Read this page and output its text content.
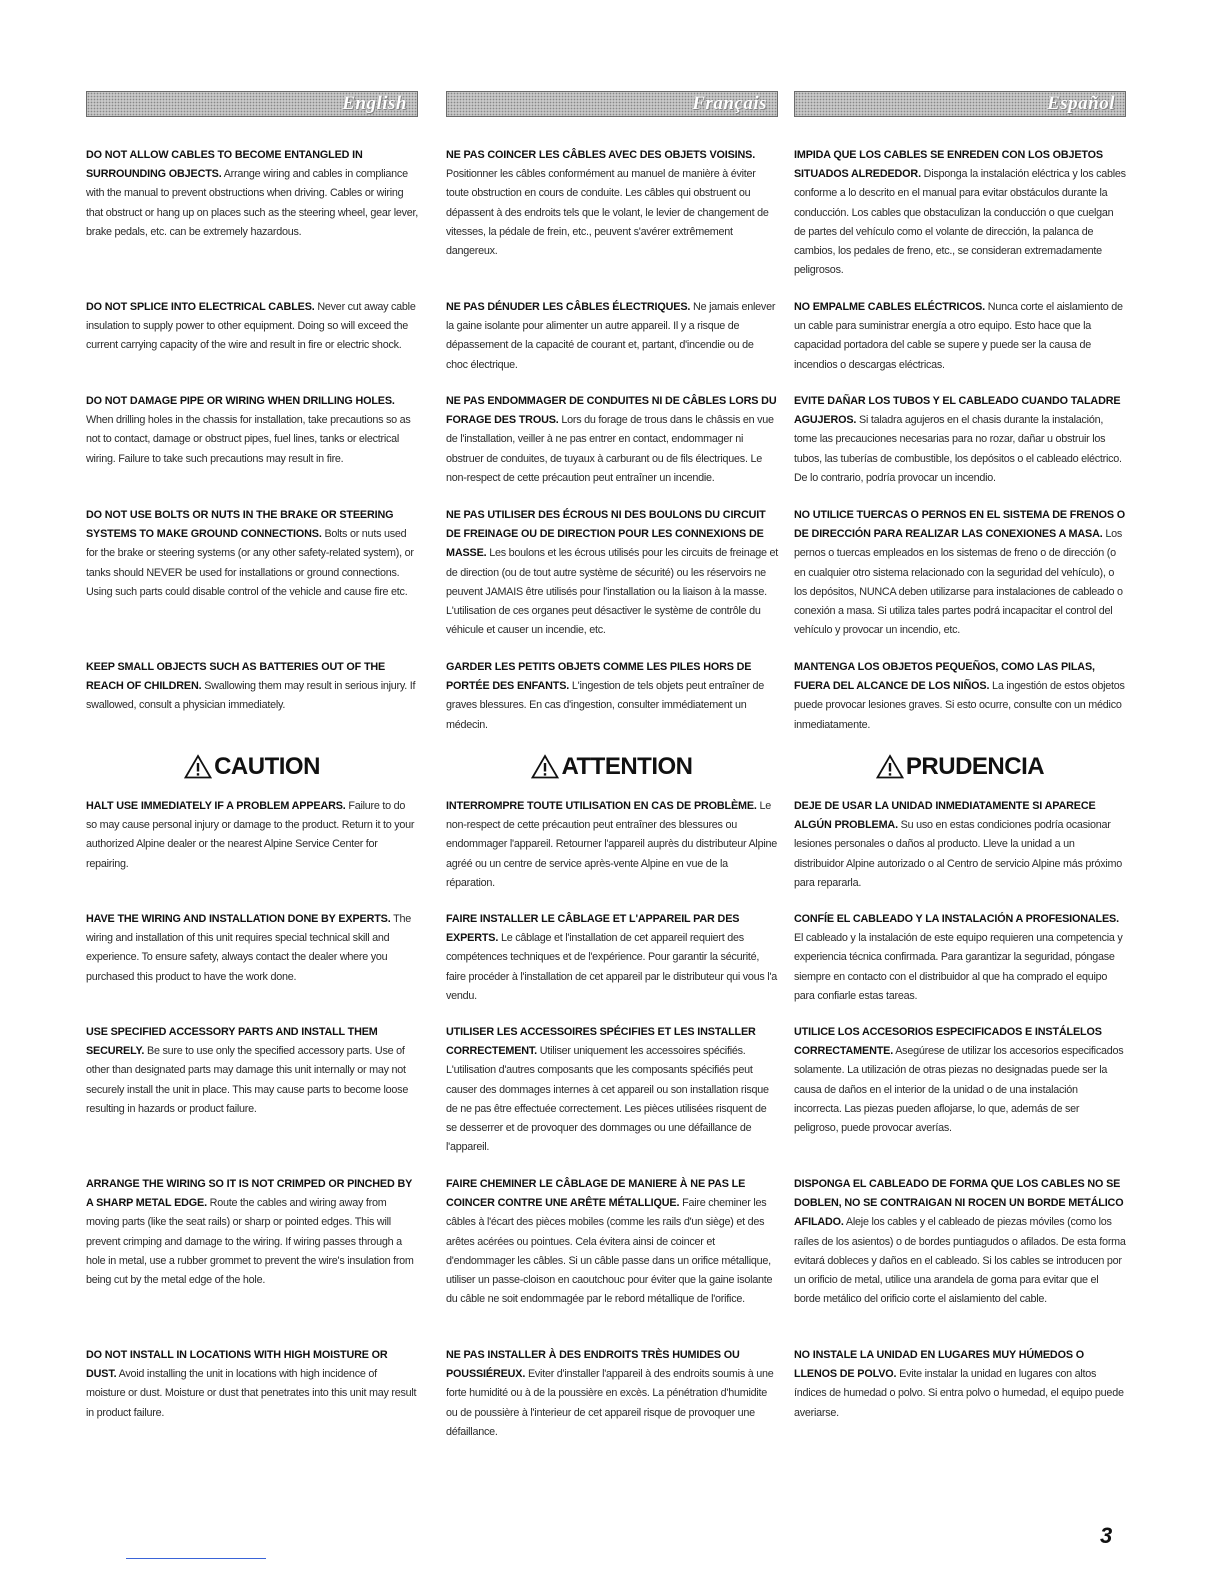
English

DO NOT ALLOW CABLES TO BECOME ENTANGLED IN SURROUNDING OBJECTS. Arrange wiring and cables in compliance with the manual to prevent obstructions when driving. Cables or wiring that obstruct or hang up on places such as the steering wheel, gear lever, brake pedals, etc. can be extremely hazardous.

DO NOT SPLICE INTO ELECTRICAL CABLES. Never cut away cable insulation to supply power to other equipment. Doing so will exceed the current carrying capacity of the wire and result in fire or electric shock.

DO NOT DAMAGE PIPE OR WIRING WHEN DRILLING HOLES. When drilling holes in the chassis for installation, take precautions so as not to contact, damage or obstruct pipes, fuel lines, tanks or electrical wiring. Failure to take such precautions may result in fire.

DO NOT USE BOLTS OR NUTS IN THE BRAKE OR STEERING SYSTEMS TO MAKE GROUND CONNECTIONS. Bolts or nuts used for the brake or steering systems (or any other safety-related system), or tanks should NEVER be used for installations or ground connections. Using such parts could disable control of the vehicle and cause fire etc.

KEEP SMALL OBJECTS SUCH AS BATTERIES OUT OF THE REACH OF CHILDREN. Swallowing them may result in serious injury. If swallowed, consult a physician immediately.

CAUTION

HALT USE IMMEDIATELY IF A PROBLEM APPEARS. Failure to do so may cause personal injury or damage to the product. Return it to your authorized Alpine dealer or the nearest Alpine Service Center for repairing.

HAVE THE WIRING AND INSTALLATION DONE BY EXPERTS. The wiring and installation of this unit requires special technical skill and experience. To ensure safety, always contact the dealer where you purchased this product to have the work done.

USE SPECIFIED ACCESSORY PARTS AND INSTALL THEM SECURELY. Be sure to use only the specified accessory parts. Use of other than designated parts may damage this unit internally or may not securely install the unit in place. This may cause parts to become loose resulting in hazards or product failure.

ARRANGE THE WIRING SO IT IS NOT CRIMPED OR PINCHED BY A SHARP METAL EDGE. Route the cables and wiring away from moving parts (like the seat rails) or sharp or pointed edges. This will prevent crimping and damage to the wiring. If wiring passes through a hole in metal, use a rubber grommet to prevent the wire's insulation from being cut by the metal edge of the hole.

DO NOT INSTALL IN LOCATIONS WITH HIGH MOISTURE OR DUST. Avoid installing the unit in locations with high incidence of moisture or dust. Moisture or dust that penetrates into this unit may result in product failure.

Français

NE PAS COINCER LES CÂBLES AVEC DES OBJETS VOISINS. Positionner les câbles conformément au manuel de manière à éviter toute obstruction en cours de conduite. Les câbles qui obstruent ou dépassent à des endroits tels que le volant, le levier de changement de vitesses, la pédale de frein, etc., peuvent s'avérer extrêmement dangereux.

NE PAS DÉNUDER LES CÂBLES ÉLECTRIQUES. Ne jamais enlever la gaine isolante pour alimenter un autre appareil. Il y a risque de dépassement de la capacité de courant et, partant, d'incendie ou de choc électrique.

NE PAS ENDOMMAGER DE CONDUITES NI DE CÂBLES LORS DU FORAGE DES TROUS. Lors du forage de trous dans le châssis en vue de l'installation, veiller à ne pas entrer en contact, endommager ni obstruer de conduites, de tuyaux à carburant ou de fils électriques. Le non-respect de cette précaution peut entraîner un incendie.

NE PAS UTILISER DES ÉCROUS NI DES BOULONS DU CIRCUIT DE FREINAGE OU DE DIRECTION POUR LES CONNEXIONS DE MASSE. Les boulons et les écrous utilisés pour les circuits de freinage et de direction (ou de tout autre système de sécurité) ou les réservoirs ne peuvent JAMAIS être utilisés pour l'installation ou la liaison à la masse. L'utilisation de ces organes peut désactiver le système de contrôle du véhicule et causer un incendie, etc.

GARDER LES PETITS OBJETS COMME LES PILES HORS DE PORTÉE DES ENFANTS. L'ingestion de tels objets peut entraîner de graves blessures. En cas d'ingestion, consulter immédiatement un médecin.

ATTENTION

INTERROMPRE TOUTE UTILISATION EN CAS DE PROBLÈME. Le non-respect de cette précaution peut entraîner des blessures ou endommager l'appareil. Retourner l'appareil auprès du distributeur Alpine agréé ou un centre de service après-vente Alpine en vue de la réparation.

FAIRE INSTALLER LE CÂBLAGE ET L'APPAREIL PAR DES EXPERTS. Le câblage et l'installation de cet appareil requiert des compétences techniques et de l'expérience. Pour garantir la sécurité, faire procéder à l'installation de cet appareil par le distributeur qui vous l'a vendu.

UTILISER LES ACCESSOIRES SPÉCIFIES ET LES INSTALLER CORRECTEMENT. Utiliser uniquement les accessoires spécifiés. L'utilisation d'autres composants que les composants spécifiés peut causer des dommages internes à cet appareil ou son installation risque de ne pas être effectuée correctement. Les pièces utilisées risquent de se desserrer et de provoquer des dommages ou une défaillance de l'appareil.

FAIRE CHEMINER LE CÂBLAGE DE MANIERE À NE PAS LE COINCER CONTRE UNE ARÊTE MÉTALLIQUE. Faire cheminer les câbles à l'écart des pièces mobiles (comme les rails d'un siège) et des arêtes acérées ou pointues. Cela évitera ainsi de coincer et d'endommager les câbles. Si un câble passe dans un orifice métallique, utiliser un passe-cloison en caoutchouc pour éviter que la gaine isolante du câble ne soit endommagée par le rebord métallique de l'orifice.

NE PAS INSTALLER À DES ENDROITS TRÈS HUMIDES OU POUSSIÉREUX. Eviter d'installer l'appareil à des endroits soumis à une forte humidité ou à de la poussière en excès. La pénétration d'humidite ou de poussière à l'interieur de cet appareil risque de provoquer une défaillance.

Español

IMPIDA QUE LOS CABLES SE ENREDEN CON LOS OBJETOS SITUADOS ALREDEDOR. Disponga la instalación eléctrica y los cables conforme a lo descrito en el manual para evitar obstáculos durante la conducción. Los cables que obstaculizan la conducción o que cuelgan de partes del vehículo como el volante de dirección, la palanca de cambios, los pedales de freno, etc., se consideran extremadamente peligrosos.

NO EMPALME CABLES ELÉCTRICOS. Nunca corte el aislamiento de un cable para suministrar energía a otro equipo. Esto hace que la capacidad portadora del cable se supere y puede ser la causa de incendios o descargas eléctricas.

EVITE DAÑAR LOS TUBOS Y EL CABLEADO CUANDO TALADRE AGUJEROS. Si taladra agujeros en el chasis durante la instalación, tome las precauciones necesarias para no rozar, dañar u obstruir los tubos, las tuberías de combustible, los depósitos o el cableado eléctrico. De lo contrario, podría provocar un incendio.

NO UTILICE TUERCAS O PERNOS EN EL SISTEMA DE FRENOS O DE DIRECCIÓN PARA REALIZAR LAS CONEXIONES A MASA. Los pernos o tuercas empleados en los sistemas de freno o de dirección (o en cualquier otro sistema relacionado con la seguridad del vehículo), o los depósitos, NUNCA deben utilizarse para instalaciones de cableado o conexión a masa. Si utiliza tales partes podrá incapacitar el control del vehículo y provocar un incendio, etc.

MANTENGA LOS OBJETOS PEQUEÑOS, COMO LAS PILAS, FUERA DEL ALCANCE DE LOS NIÑOS. La ingestión de estos objetos puede provocar lesiones graves. Si esto ocurre, consulte con un médico inmediatamente.

PRUDENCIA

DEJE DE USAR LA UNIDAD INMEDIATAMENTE SI APARECE ALGÚN PROBLEMA. Su uso en estas condiciones podría ocasionar lesiones personales o daños al producto. Lleve la unidad a un distribuidor Alpine autorizado o al Centro de servicio Alpine más próximo para repararla.

CONFÍE EL CABLEADO Y LA INSTALACIÓN A PROFESIONALES. El cableado y la instalación de este equipo requieren una competencia y experiencia técnica confirmada. Para garantizar la seguridad, póngase siempre en contacto con el distribuidor al que ha comprado el equipo para confiarle estas tareas.

UTILICE LOS ACCESORIOS ESPECIFICADOS E INSTÁLELOS CORRECTAMENTE. Asegúrese de utilizar los accesorios especificados solamente. La utilización de otras piezas no designadas puede ser la causa de daños en el interior de la unidad o de una instalación incorrecta. Las piezas pueden aflojarse, lo que, además de ser peligroso, puede provocar averías.

DISPONGA EL CABLEADO DE FORMA QUE LOS CABLES NO SE DOBLEN, NO SE CONTRAIGAN NI ROCEN UN BORDE METÁLICO AFILADO. Aleje los cables y el cableado de piezas móviles (como los raíles de los asientos) o de bordes puntiagudos o afilados. De esta forma evitará dobleces y daños en el cableado. Si los cables se introducen por un orificio de metal, utilice una arandela de goma para evitar que el borde metálico del orificio corte el aislamiento del cable.

NO INSTALE LA UNIDAD EN LUGARES MUY HÚMEDOS O LLENOS DE POLVO. Evite instalar la unidad en lugares con altos índices de humedad o polvo. Si entra polvo o humedad, el equipo puede averiarse.

3
